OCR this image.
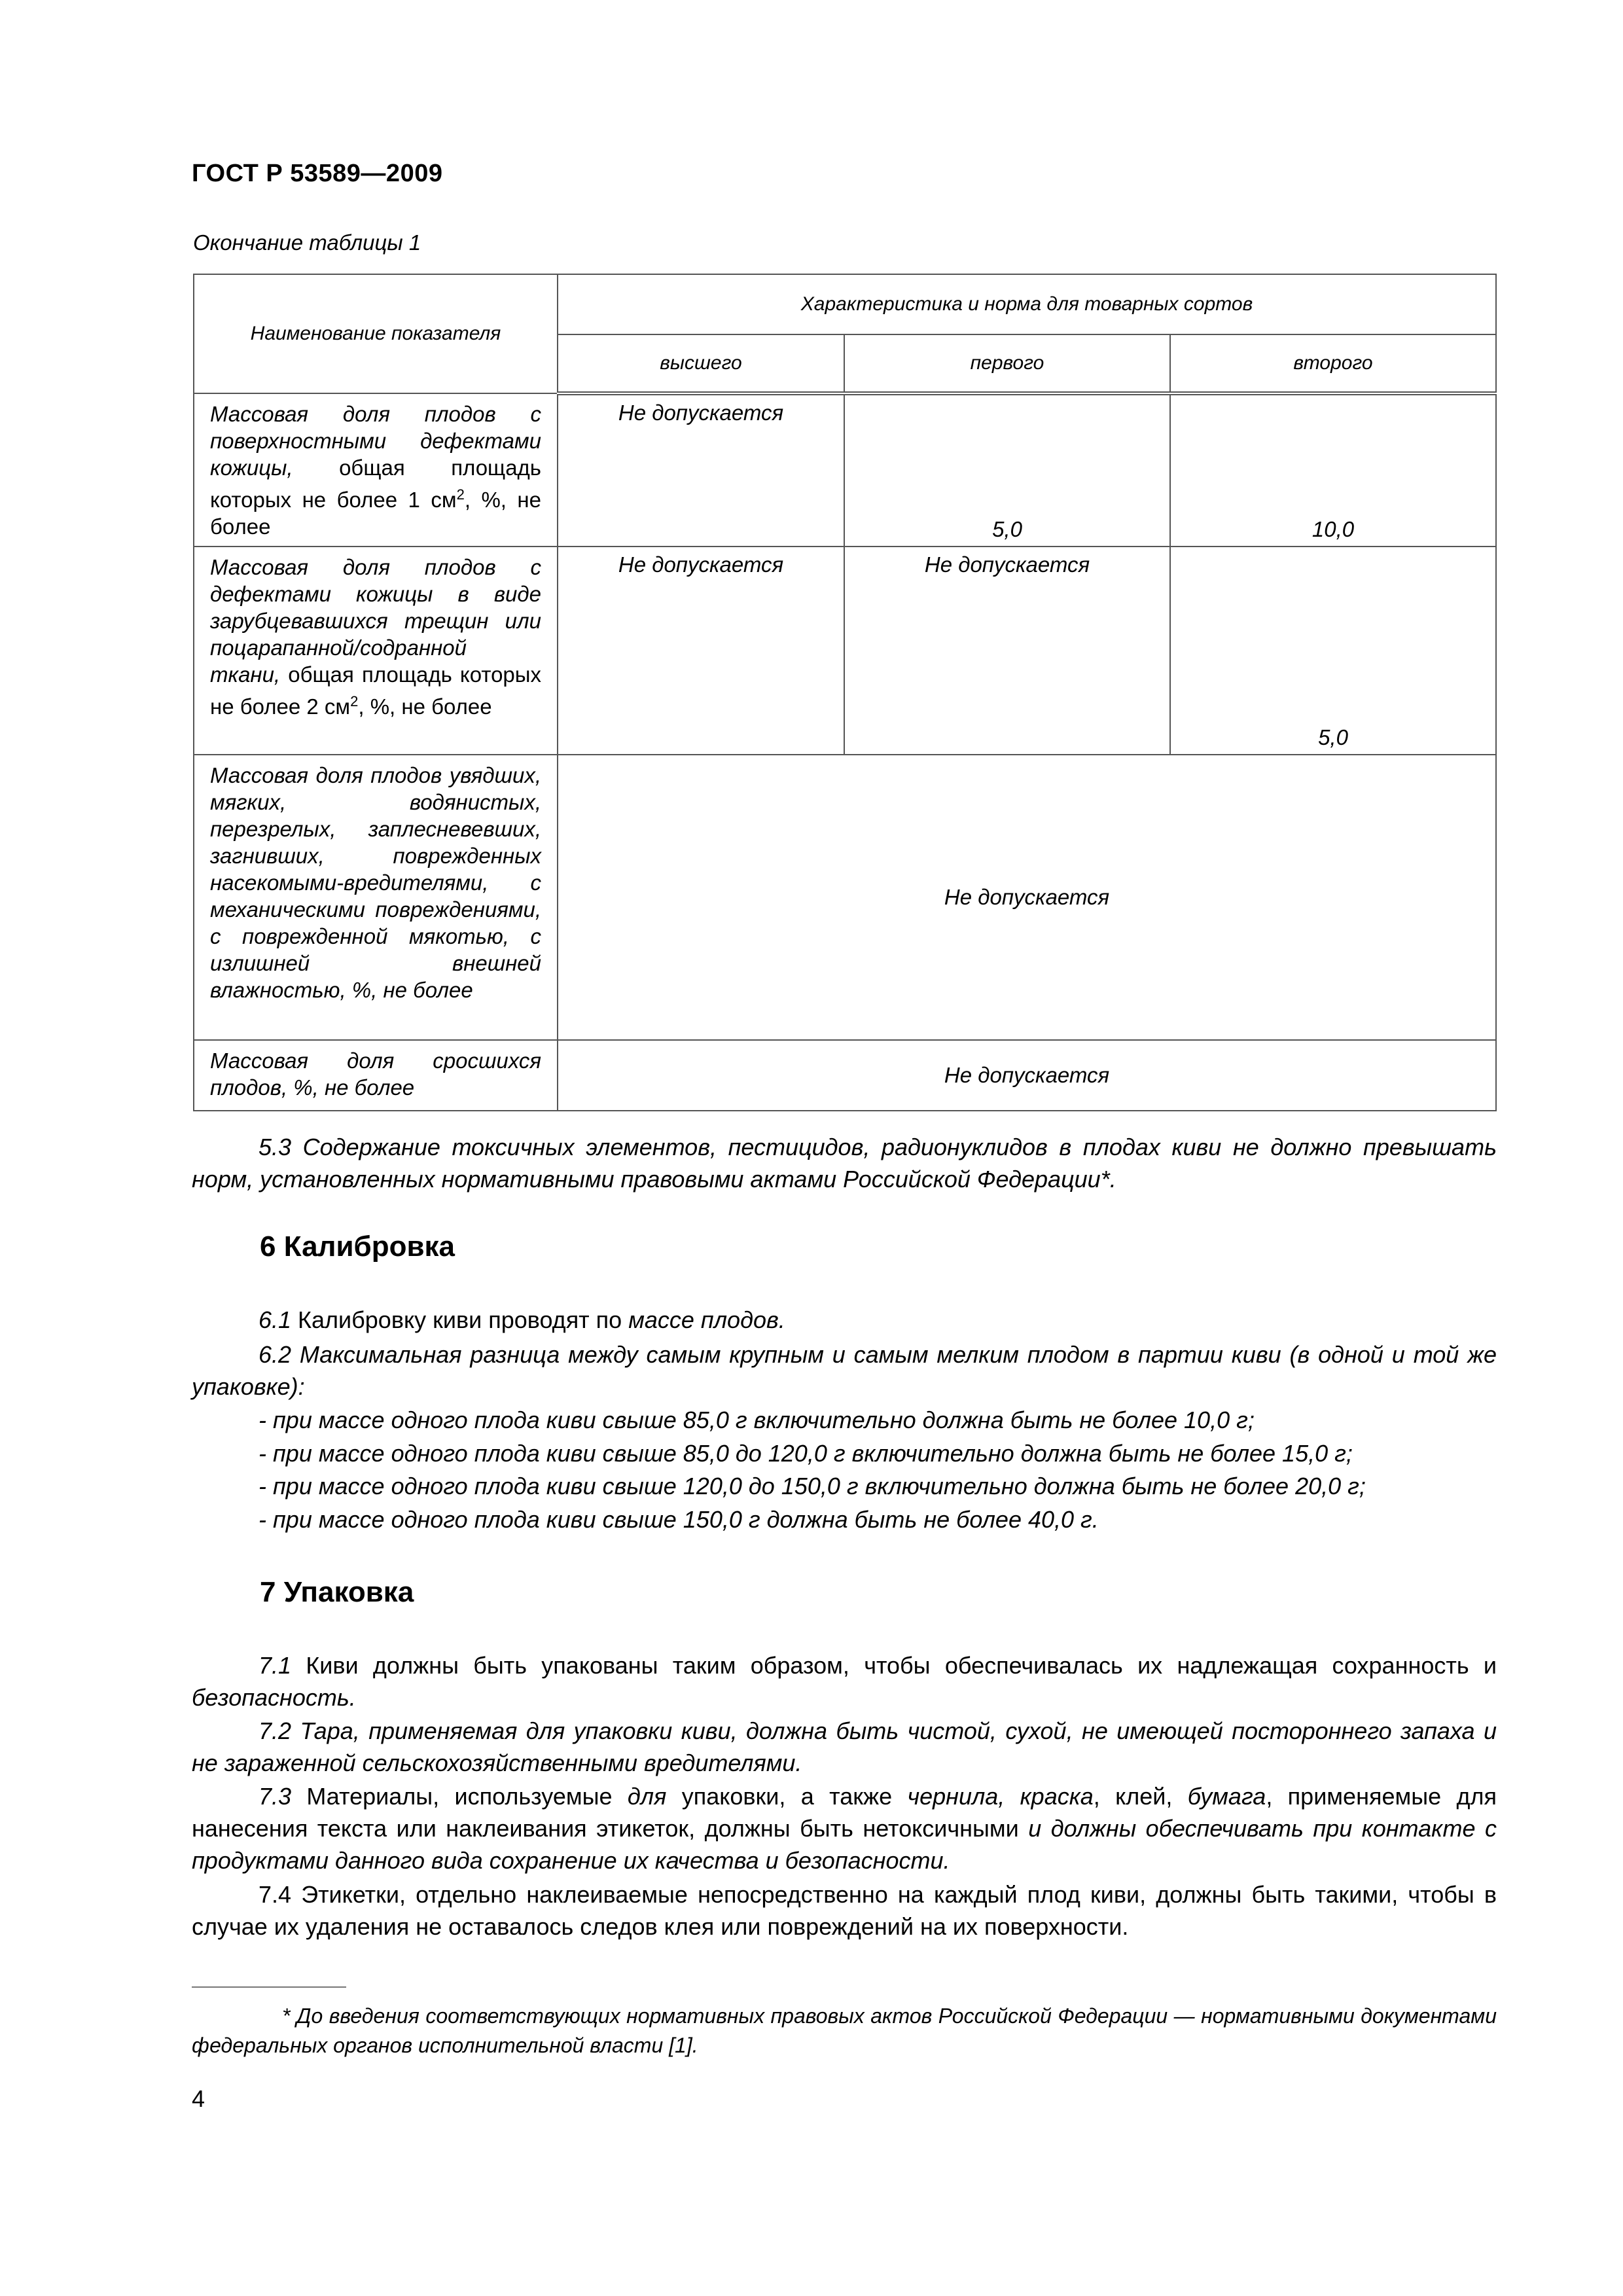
ГОСТ Р 53589—2009
Окончание таблицы 1
Наименование показателя	Характеристика и норма для товарных сортов		
	высшего	первого	второго
Массовая доля плодов с поверхностными дефектами кожицы, общая площадь которых не более 1 $см^2$, %, не более	Не допускается	5,0	10,0

Массовая доля плодов с дефектами кожицы в виде зарубцевавшихся трещин или поцарапанной/содранной ткани, общая площадь которых не более 2 $см^2$, %, не более	Не допускается	Не допускается	5,0

Массовая доля плодов увядших, мягких, водянистых, перезрелых, заплесневевших, загнивших, поврежденных насекомыми-вредителями, с механическими повреждениями, с поврежденной мякотью, с излишней внешней влажностью, %, не более	Не допускается		
Массовая доля сросшихся плодов, %, не более	Не допускается		
5.3 Содержание токсичных элементов, пестицидов, радионуклидов в плодах киви не должно превышать норм, установленных нормативными правовыми актами Российской Федерации*.
6 Калибровка
6.1 Калибровку киви проводят по массе плодов.
6.2 Максимальная разница между самым крупным и самым мелким плодом в партии киви (в одной и той же упаковке):
- при массе одного плода киви свыше 85,0 г включительно должна быть не более 10,0 г;
- при массе одного плода киви свыше 85,0 до 120,0 г включительно должна быть не более 15,0 г;
- при массе одного плода киви свыше 120,0 до 150,0 г включительно должна быть не более 20,0 г;
- при массе одного плода киви свыше 150,0 г должна быть не более 40,0 г.
7 Упаковка
7.1 Киви должны быть упакованы таким образом, чтобы обеспечивалась их надлежащая сохранность и безопасность.
7.2 Тара, применяемая для упаковки киви, должна быть чистой, сухой, не имеющей постороннего запаха и не зараженной сельскохозяйственными вредителями.
7.3 Материалы, используемые для упаковки, а также чернила, краска, клей, бумага, применяемые для нанесения текста или наклеивания этикеток, должны быть нетоксичными и должны обеспечивать при контакте с продуктами данного вида сохранение их качества и безопасности.
7.4 Этикетки, отдельно наклеиваемые непосредственно на каждый плод киви, должны быть такими, чтобы в случае их удаления не оставалось следов клея или повреждений на их поверхности.
* До введения соответствующих нормативных правовых актов Российской Федерации — нормативными документами федеральных органов исполнительной власти [1].
4
